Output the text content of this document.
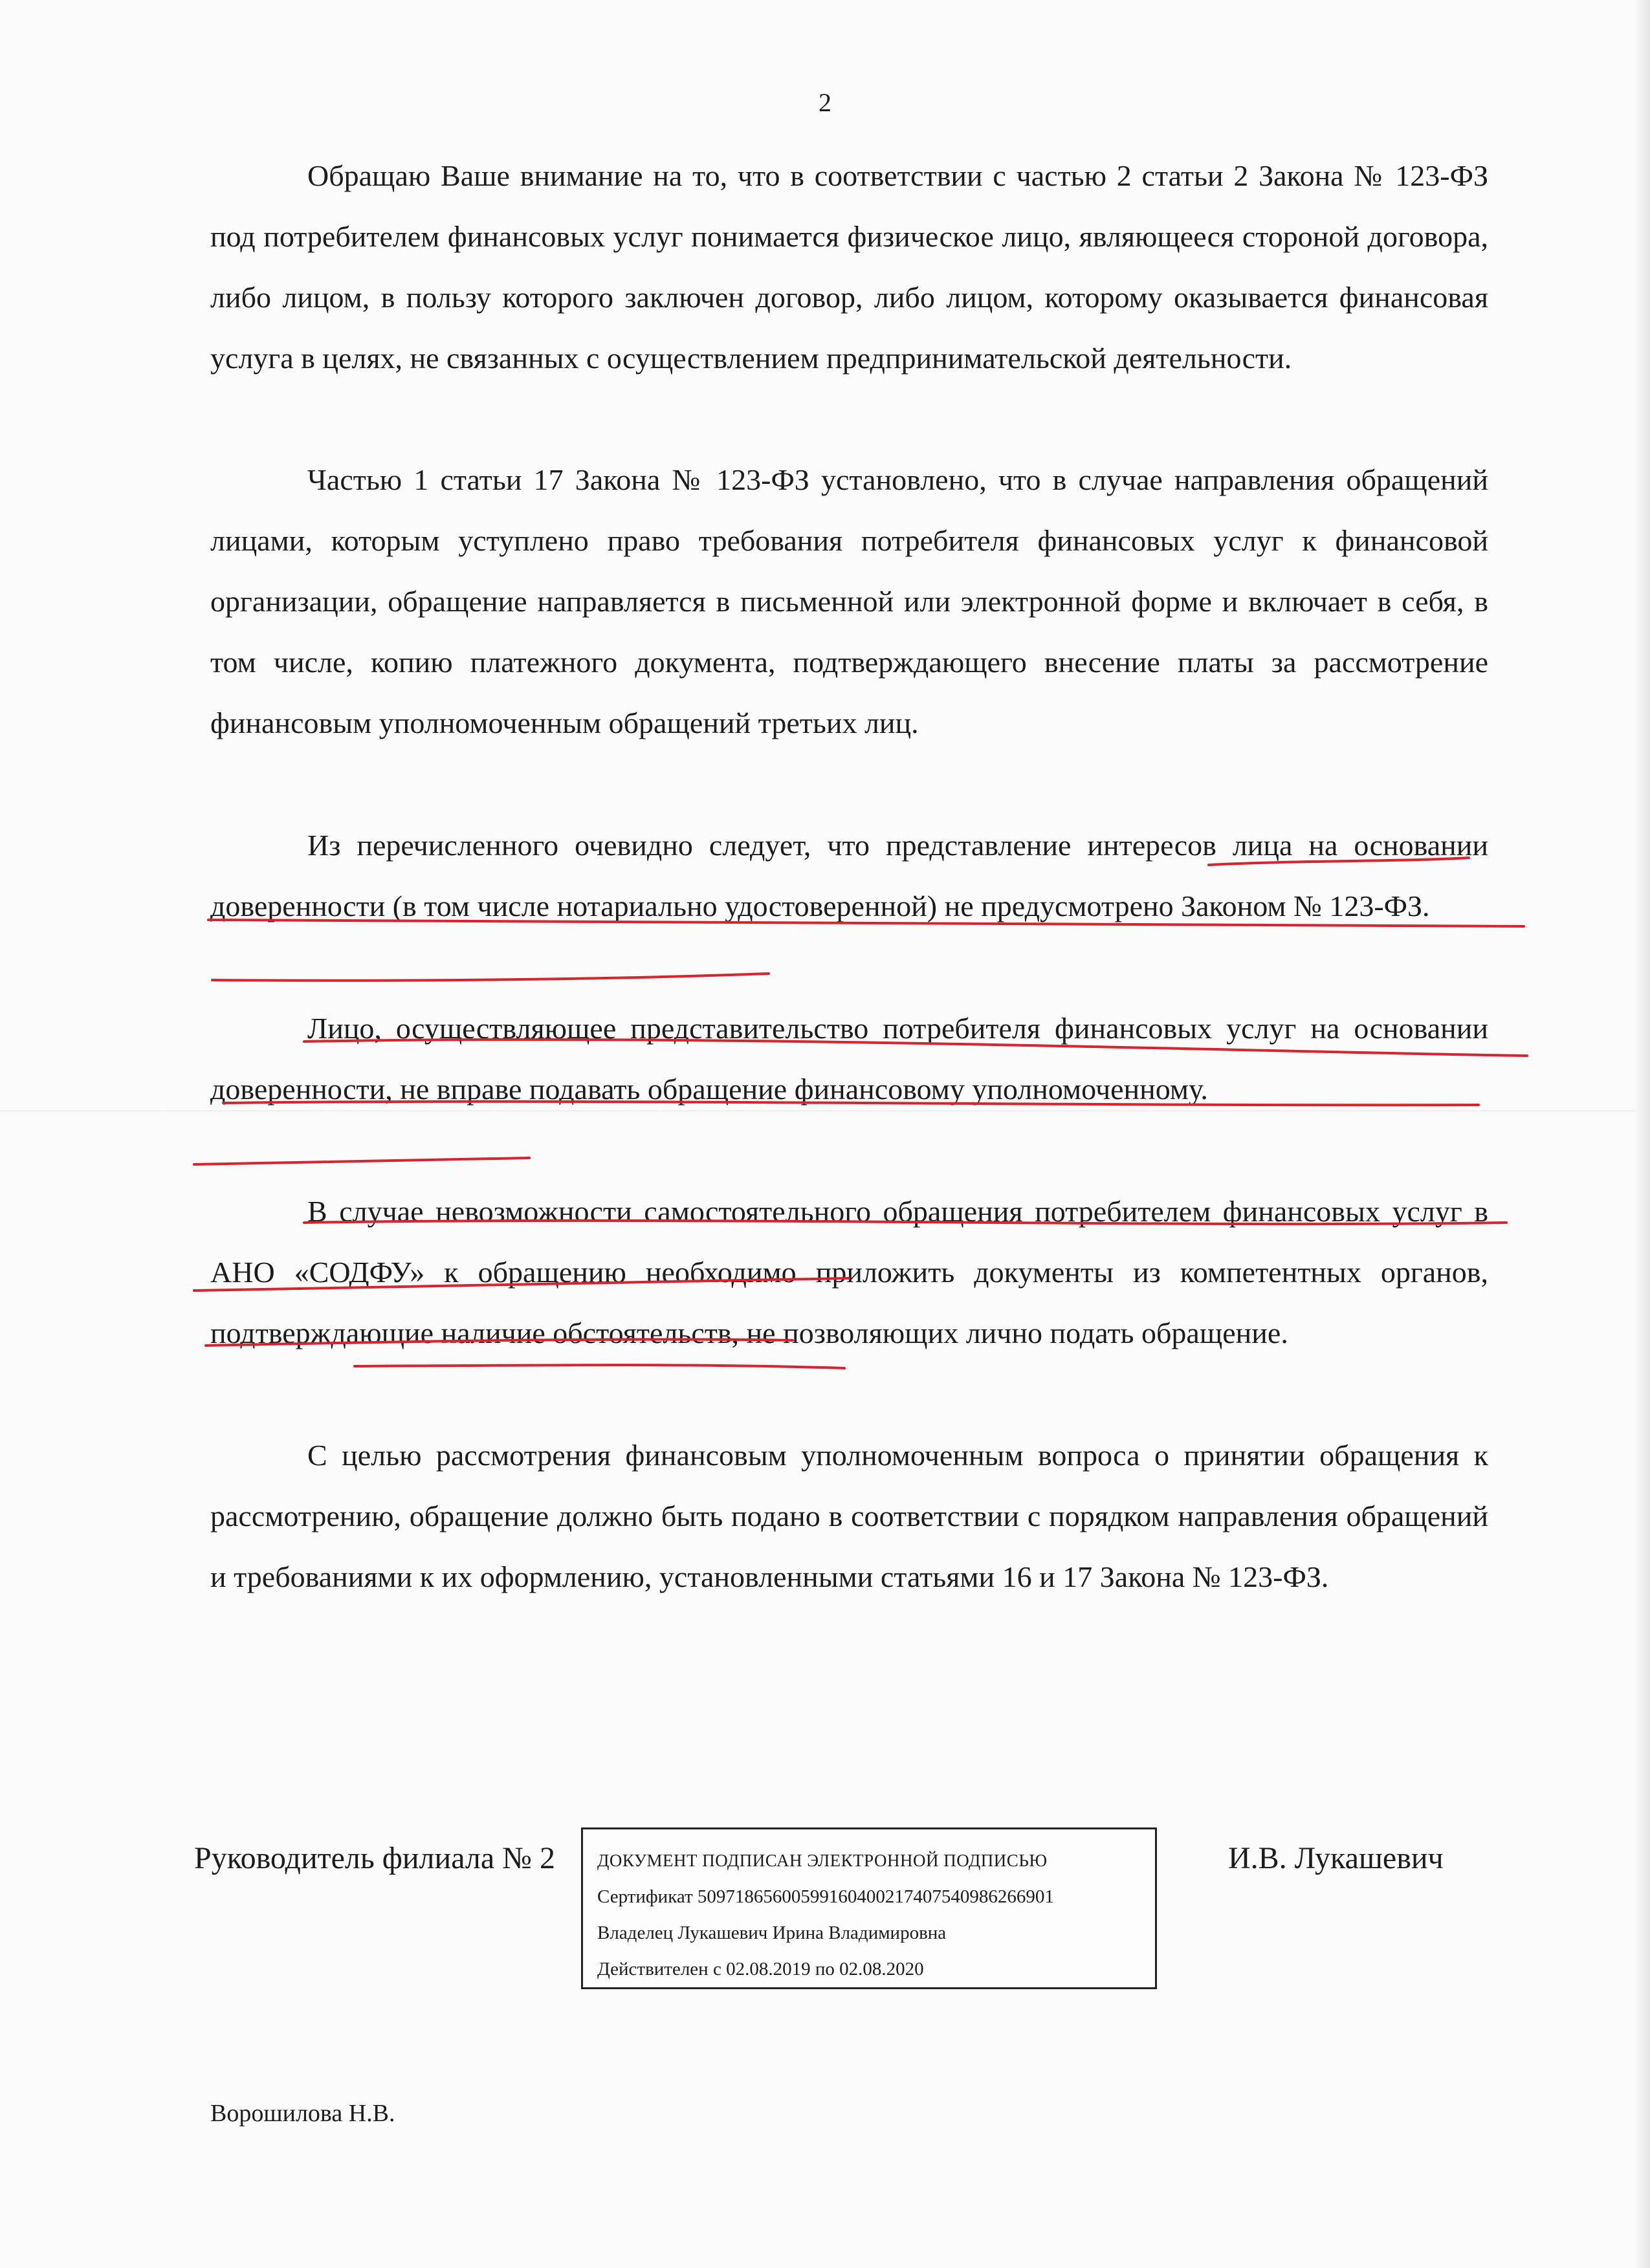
2

Обращаю Ваше внимание на то, что в соответствии с частью 2 статьи 2 Закона № 123-ФЗ под потребителем финансовых услуг понимается физическое лицо, являющееся стороной договора, либо лицом, в пользу которого заключен договор, либо лицом, которому оказывается финансовая услуга в целях, не связанных с осуществлением предпринимательской деятельности.

Частью 1 статьи 17 Закона № 123-ФЗ установлено, что в случае направления обращений лицами, которым уступлено право требования потребителя финансовых услуг к финансовой организации, обращение направляется в письменной или электронной форме и включает в себя, в том числе, копию платежного документа, подтверждающего внесение платы за рассмотрение финансовым уполномоченным обращений третьих лиц.

Из перечисленного очевидно следует, что представление интересов лица на основании доверенности (в том числе нотариально удостоверенной) не предусмотрено Законом № 123-ФЗ.

Лицо, осуществляющее представительство потребителя финансовых услуг на основании доверенности, не вправе подавать обращение финансовому уполномоченному.

В случае невозможности самостоятельного обращения потребителем финансовых услуг в АНО «СОДФУ» к обращению необходимо приложить документы из компетентных органов, подтверждающие наличие обстоятельств, не позволяющих лично подать обращение.

С целью рассмотрения финансовым уполномоченным вопроса о принятии обращения к рассмотрению, обращение должно быть подано в соответствии с порядком направления обращений и требованиями к их оформлению, установленными статьями 16 и 17 Закона № 123-ФЗ.

Руководитель филиала № 2	И.В. Лукашевич
ДОКУМЕНТ ПОДПИСАН ЭЛЕКТРОННОЙ ПОДПИСЬЮ
Сертификат 50971865600599160400217407540986266901
Владелец Лукашевич Ирина Владимировна
Действителен с 02.08.2019 по 02.08.2020
Ворошилова Н.В.
